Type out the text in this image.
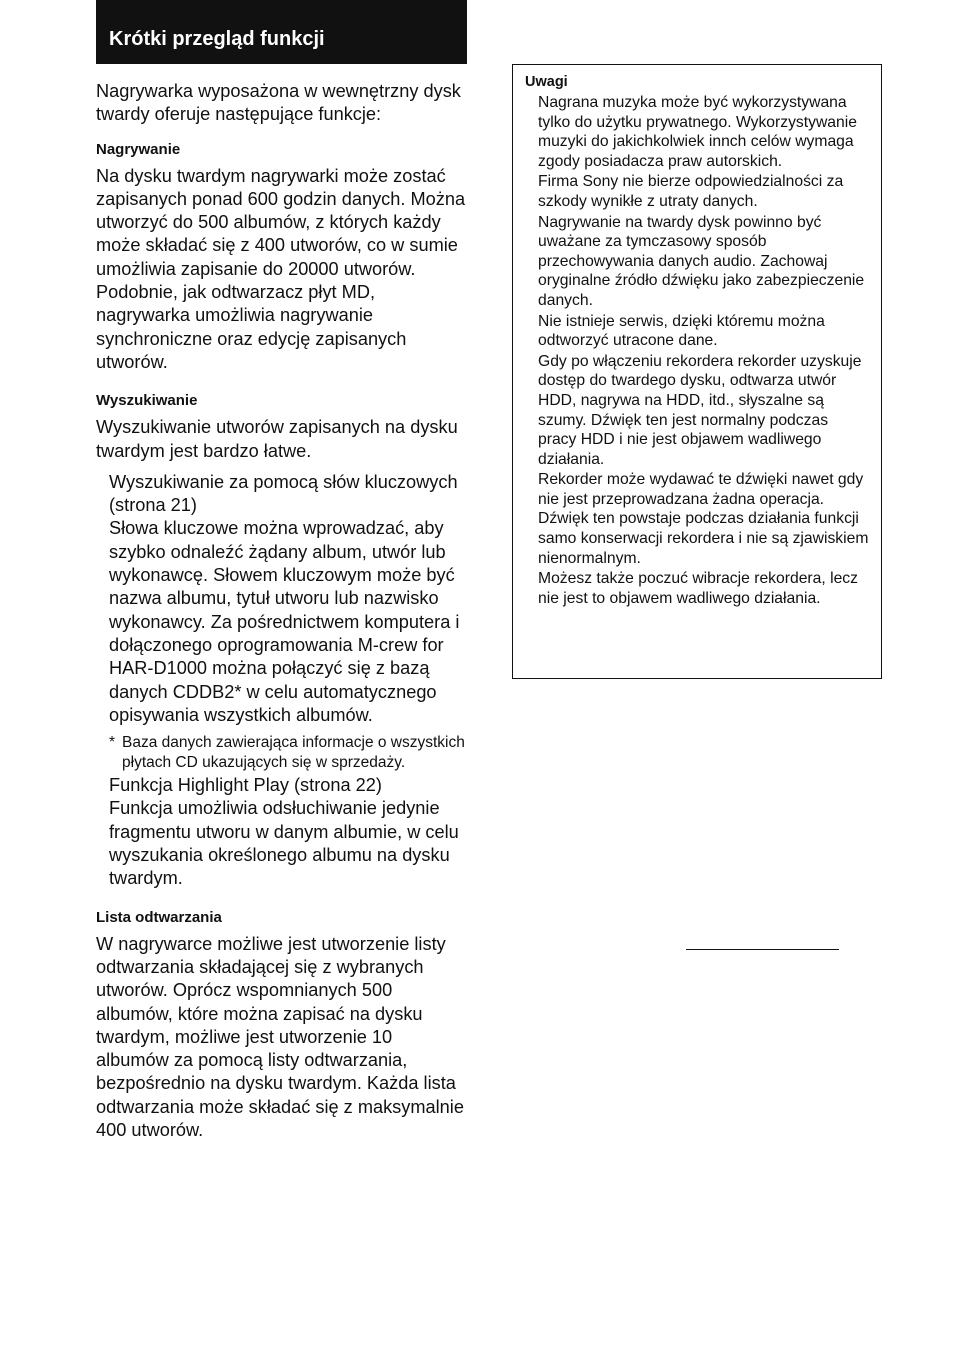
Krótki przegląd funkcji

Nagrywarka wyposażona w wewnętrzny dysk twardy oferuje następujące funkcje:

Nagrywanie

Na dysku twardym nagrywarki może zostać zapisanych ponad 600 godzin danych. Można utworzyć do 500 albumów, z których każdy może składać się z 400 utworów, co w sumie umożliwia zapisanie do 20000 utworów. Podobnie, jak odtwarzacz płyt MD, nagrywarka umożliwia nagrywanie synchroniczne oraz edycję zapisanych utworów.

Wyszukiwanie

Wyszukiwanie utworów zapisanych na dysku twardym jest bardzo łatwe.

Wyszukiwanie za pomocą słów kluczowych (strona 21)
Słowa kluczowe można wprowadzać, aby szybko odnaleźć żądany album, utwór lub wykonawcę. Słowem kluczowym może być nazwa albumu, tytuł utworu lub nazwisko wykonawcy. Za pośrednictwem komputera i dołączonego oprogramowania M-crew for HAR-D1000 można połączyć się z bazą danych CDDB2* w celu automatycznego opisywania wszystkich albumów.
* Baza danych zawierająca informacje o wszystkich płytach CD ukazujących się w sprzedaży.
Funkcja Highlight Play (strona 22)
Funkcja umożliwia odsłuchiwanie jedynie fragmentu utworu w danym albumie, w celu wyszukania określonego albumu na dysku twardym.
Lista odtwarzania

W nagrywarce możliwe jest utworzenie listy odtwarzania składającej się z wybranych utworów. Oprócz wspomnianych 500 albumów, które można zapisać na dysku twardym, możliwe jest utworzenie 10 albumów za pomocą listy odtwarzania, bezpośrednio na dysku twardym. Każda lista odtwarzania może składać się z maksymalnie 400 utworów.

Uwagi
Nagrana muzyka może być wykorzystywana tylko do użytku prywatnego. Wykorzystywanie muzyki do jakichkolwiek innch celów wymaga zgody posiadacza praw autorskich.
Firma Sony nie bierze odpowiedzialności za szkody wynikłe z utraty danych.
Nagrywanie na twardy dysk powinno być uważane za tymczasowy sposób przechowywania danych audio. Zachowaj oryginalne źródło dźwięku jako zabezpieczenie danych.
Nie istnieje serwis, dzięki któremu można odtworzyć utracone dane.
Gdy po włączeniu rekordera rekorder uzyskuje dostęp do twardego dysku, odtwarza utwór HDD, nagrywa na HDD, itd., słyszalne są szumy. Dźwięk ten jest normalny podczas pracy HDD i nie jest objawem wadliwego działania.
Rekorder może wydawać te dźwięki nawet gdy nie jest przeprowadzana żadna operacja. Dźwięk ten powstaje podczas działania funkcji samo konserwacji rekordera i nie są zjawiskiem nienormalnym.
Możesz także poczuć wibracje rekordera, lecz nie jest to objawem wadliwego działania.
